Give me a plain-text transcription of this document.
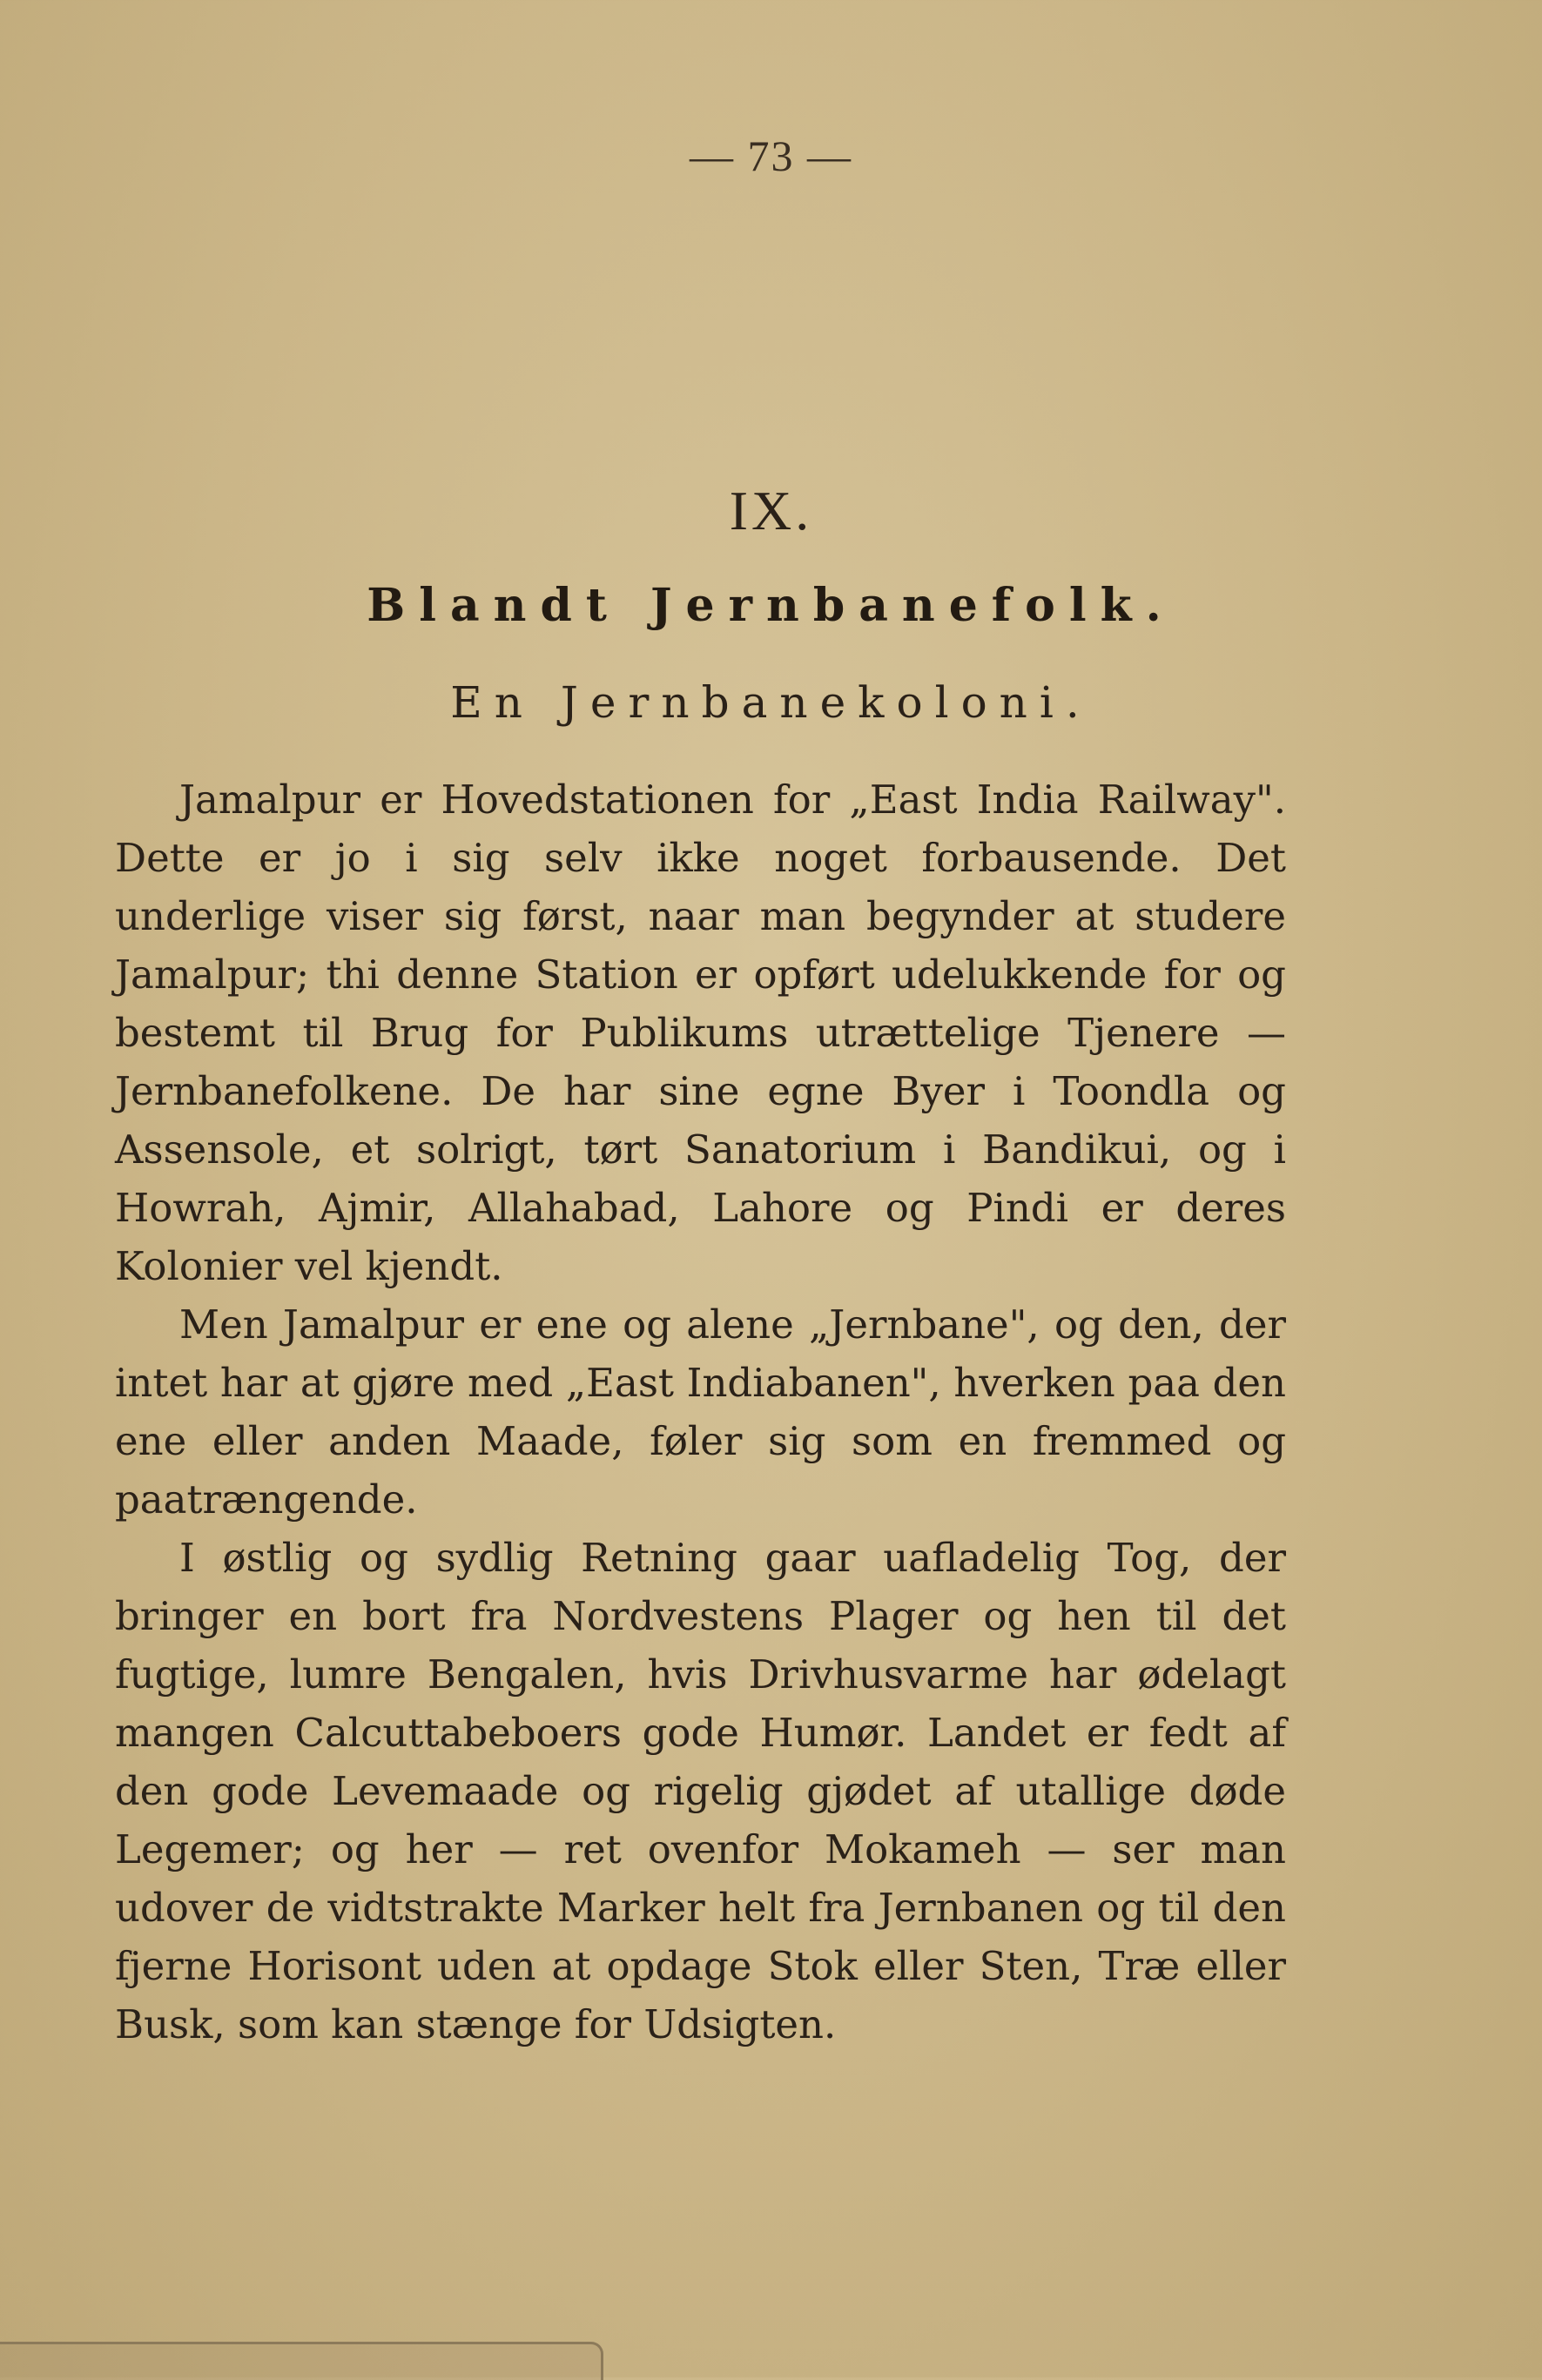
— 73 —
IX.
Blandt Jernbanefolk.
En Jernbanekoloni.

Jamalpur er Hovedstationen for „East India Railway". Dette er jo i sig selv ikke noget forbausende. Det underlige viser sig først, naar man begynder at studere Jamalpur; thi denne Station er opført udelukkende for og bestemt til Brug for Publikums utrættelige Tjenere — Jernbanefolkene. De har sine egne Byer i Toondla og Assensole, et solrigt, tørt Sanatorium i Bandikui, og i Howrah, Ajmir, Allahabad, Lahore og Pindi er deres Kolonier vel kjendt.

Men Jamalpur er ene og alene „Jernbane", og den, der intet har at gjøre med „East Indiabanen", hverken paa den ene eller anden Maade, føler sig som en fremmed og paatrængende.

I østlig og sydlig Retning gaar uafladelig Tog, der bringer en bort fra Nordvestens Plager og hen til det fugtige, lumre Bengalen, hvis Drivhusvarme har ødelagt mangen Calcuttabeboers gode Humør. Landet er fedt af den gode Levemaade og rigelig gjødet af utallige døde Legemer; og her — ret ovenfor Mokameh — ser man udover de vidtstrakte Marker helt fra Jernbanen og til den fjerne Horisont uden at opdage Stok eller Sten, Træ eller Busk, som kan stænge for Udsigten.
